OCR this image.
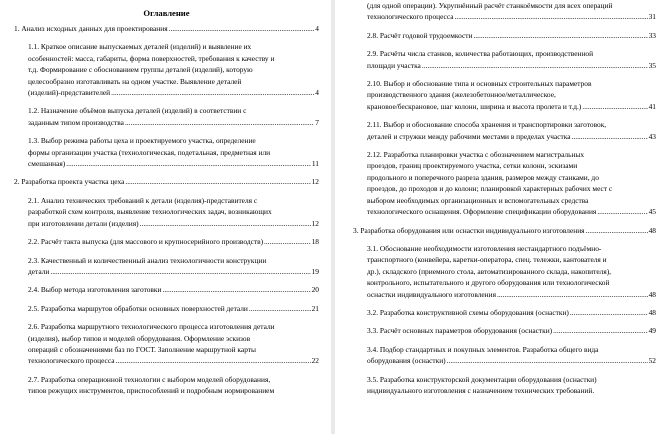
Оглавление
1. Анализ исходных данных для проектирования .....	4

1.1. Краткое описание выпускаемых деталей (изделий) и выявление их

особенностей: масса, габариты, форма поверхностей, требования к качеству и

т.д. Формирование с обоснованием группы деталей (изделий), которую

целесообразно изготавливать на одном участке. Выявление деталей

(изделий)-представителей .....	4

1.2. Назначение объёмов выпуска деталей (изделий) в соответствии с

заданным типом производства .....	7

1.3. Выбор режима работы цеха и проектируемого участка, определение

формы организации участка (технологическая, подетальная, предметная или

смешанная) .....	11
2. Разработка проекта участка цеха .....	12

2.1. Анализ технических требований к детали (изделия)-представителя с

разработкой схем контроля, выявление технологических задач, возникающих

при изготовлении детали (изделия) .....	12
2.2. Расчёт такта выпуска (для массового и крупносерийного производств) .....	18

2.3. Качественный и количественный анализ технологичности конструкции

детали .....	19
2.4. Выбор метода изготовления заготовки .....	20
2.5. Разработка маршрутов обработки основных поверхностей детали .....	21

2.6. Разработка маршрутного технологического процесса изготовления детали

(изделия), выбор типов и моделей оборудования. Оформление эскизов

операций с обозначениями баз по ГОСТ. Заполнение маршрутной карты

технологического процесса .....	22

2.7. Разработка операционной технологии с выбором моделей оборудования,

типов режущих инструментов, приспособлений и подробным нормированием

(для одной операции). Укрупнённый расчёт станкоёмкости для всех операций

технологического процесса .....	31
2.8. Расчёт годовой трудоемкости .....	33

2.9. Расчёты числа станков, количества работающих, производственной

площади участка .....	35

2.10. Выбор и обоснование типа и основных строительных параметров

производственного здания (железобетонное/металлическое,

крановое/бескрановое, шаг колонн, ширина и высота пролета и т.д.) .....	41

2.11. Выбор и обоснование способа хранения и транспортировки заготовок,

деталей и стружки между рабочими местами в пределах участка .....	43

2.12. Разработка планировки участка с обозначением магистральных

проездов, границ проектируемого участка, сетки колонн, эскизами

продольного и поперечного разреза здания, размеров между станками, до

проездов, до проходов и до колонн; планировкой характерных рабочих мест с

выбором необходимых организационных и вспомогательных средства

технологического оснащения. Оформление спецификации оборудования .....	45
3. Разработка оборудования или оснастки индивидуального изготовления .....	48

3.1. Обоснование необходимости изготовления нестандартного подъёмно-

транспортного (конвейера, каретки-оператора, спец. тележки, кантователя и

др.), складского (приемного стола, автоматизированного склада, накопителя),

контрольного, испытательного и другого оборудования или технологической

оснастки индивидуального изготовления .....	48
3.2. Разработка конструктивной схемы оборудования (оснастки) .....	48
3.3. Расчёт основных параметров оборудования (оснастки) .....	49

3.4. Подбор стандартных и покупных элементов. Разработка общего вида

оборудования (оснастки) .....	52

3.5. Разработка конструкторской документации оборудования (оснастки)

индивидуального изготовления с назначением технических требований.
